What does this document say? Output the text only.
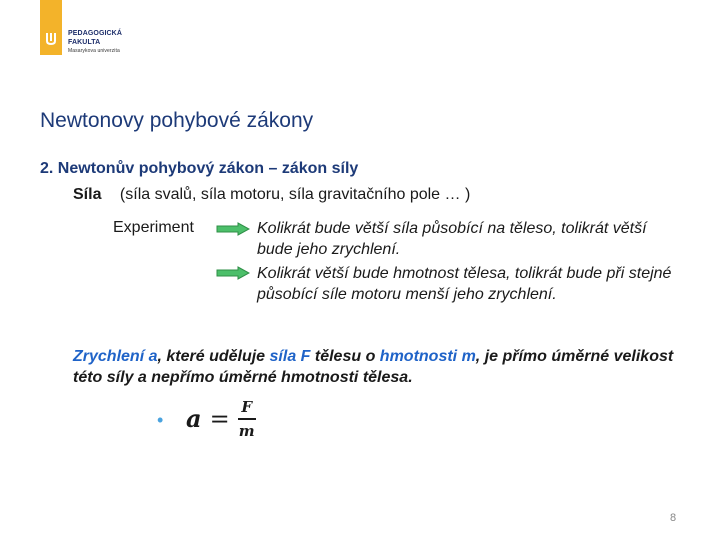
PEDAGOGICKÁ
FAKULTA
Masarykova univerzita
Newtonovy pohybové zákony
2. Newtonův pohybový zákon – zákon síly
Síla (síla svalů, síla motoru, síla gravitačního pole … )
Experiment	Kolikrát bude větší síla působící na těleso, tolikrát větší bude jeho zrychlení.
Kolikrát větší bude hmotnost tělesa, tolikrát bude při stejné působící síle motoru menší jeho zrychlení.
Zrychlení a, které uděluje síla F tělesu o hmotnosti m, je přímo úměrné velikost této síly a nepřímo úměrné hmotnosti tělesa.
• $a = \frac{F}{m}$
8
